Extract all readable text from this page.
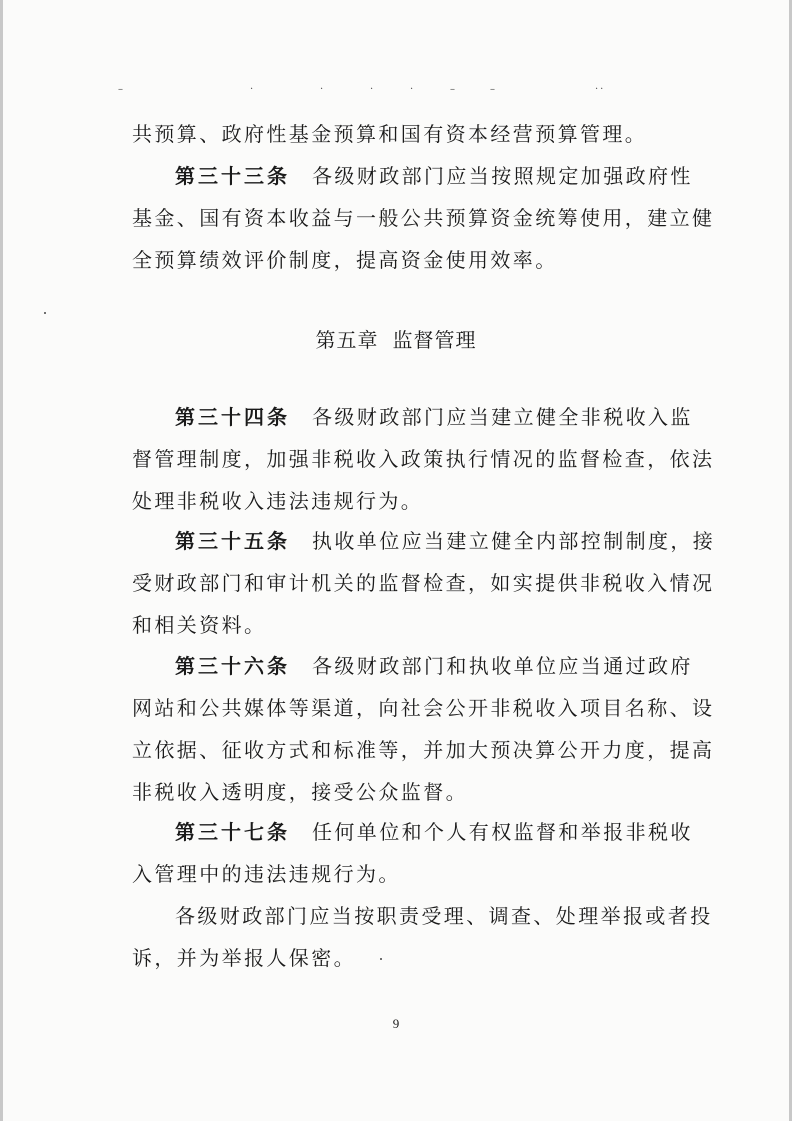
–	·	·	·	·	–	–	··
共预算、政府性基金预算和国有资本经营预算管理。
第三十三条 各级财政部门应当按照规定加强政府性
基金、国有资本收益与一般公共预算资金统筹使用，建立健
全预算绩效评价制度，提高资金使用效率。
第五章 监督管理
第三十四条 各级财政部门应当建立健全非税收入监
督管理制度，加强非税收入政策执行情况的监督检查，依法
处理非税收入违法违规行为。
第三十五条 执收单位应当建立健全内部控制制度，接
受财政部门和审计机关的监督检查，如实提供非税收入情况
和相关资料。
第三十六条 各级财政部门和执收单位应当通过政府
网站和公共媒体等渠道，向社会公开非税收入项目名称、设
立依据、征收方式和标准等，并加大预决算公开力度，提高
非税收入透明度，接受公众监督。
第三十七条 任何单位和个人有权监督和举报非税收
入管理中的违法违规行为。
各级财政部门应当按职责受理、调查、处理举报或者投
诉，并为举报人保密。
9
